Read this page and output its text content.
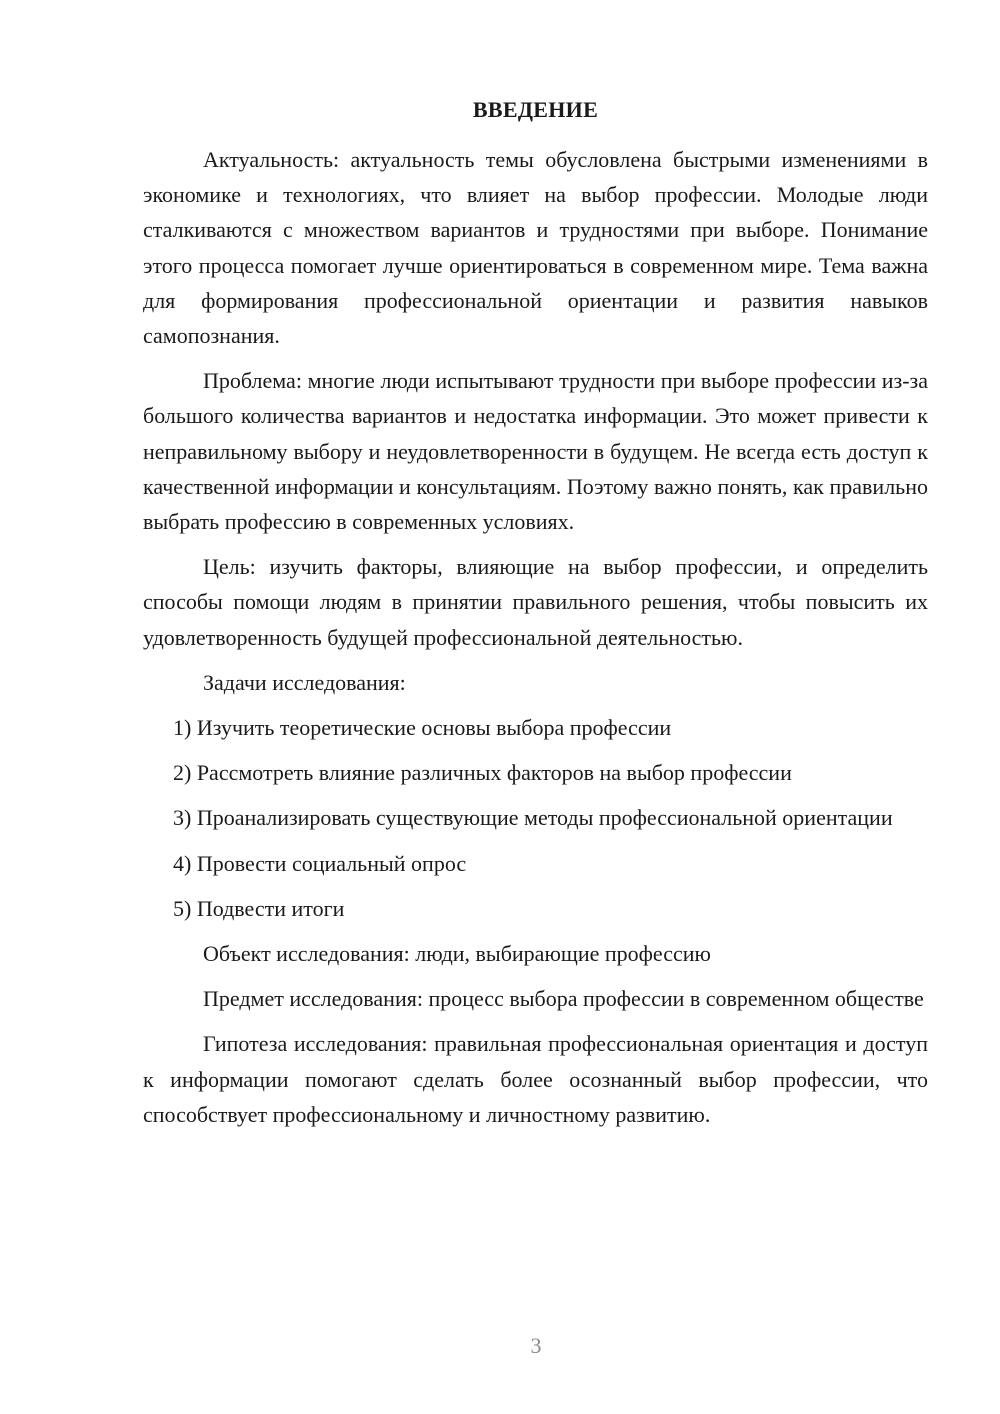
ВВЕДЕНИЕ

Актуальность: актуальность темы обусловлена быстрыми изменениями в экономике и технологиях, что влияет на выбор профессии. Молодые люди сталкиваются с множеством вариантов и трудностями при выборе. Понимание этого процесса помогает лучше ориентироваться в современном мире. Тема важна для формирования профессиональной ориентации и развития навыков самопознания.

Проблема: многие люди испытывают трудности при выборе профессии из-за большого количества вариантов и недостатка информации. Это может привести к неправильному выбору и неудовлетворенности в будущем. Не всегда есть доступ к качественной информации и консультациям. Поэтому важно понять, как правильно выбрать профессию в современных условиях.

Цель: изучить факторы, влияющие на выбор профессии, и определить способы помощи людям в принятии правильного решения, чтобы повысить их удовлетворенность будущей профессиональной деятельностью.

Задачи исследования:

1) Изучить теоретические основы выбора профессии

2) Рассмотреть влияние различных факторов на выбор профессии

3) Проанализировать существующие методы профессиональной ориентации

4) Провести социальный опрос

5) Подвести итоги

Объект исследования: люди, выбирающие профессию

Предмет исследования: процесс выбора профессии в современном обществе

Гипотеза исследования: правильная профессиональная ориентация и доступ к информации помогают сделать более осознанный выбор профессии, что способствует профессиональному и личностному развитию.

3
